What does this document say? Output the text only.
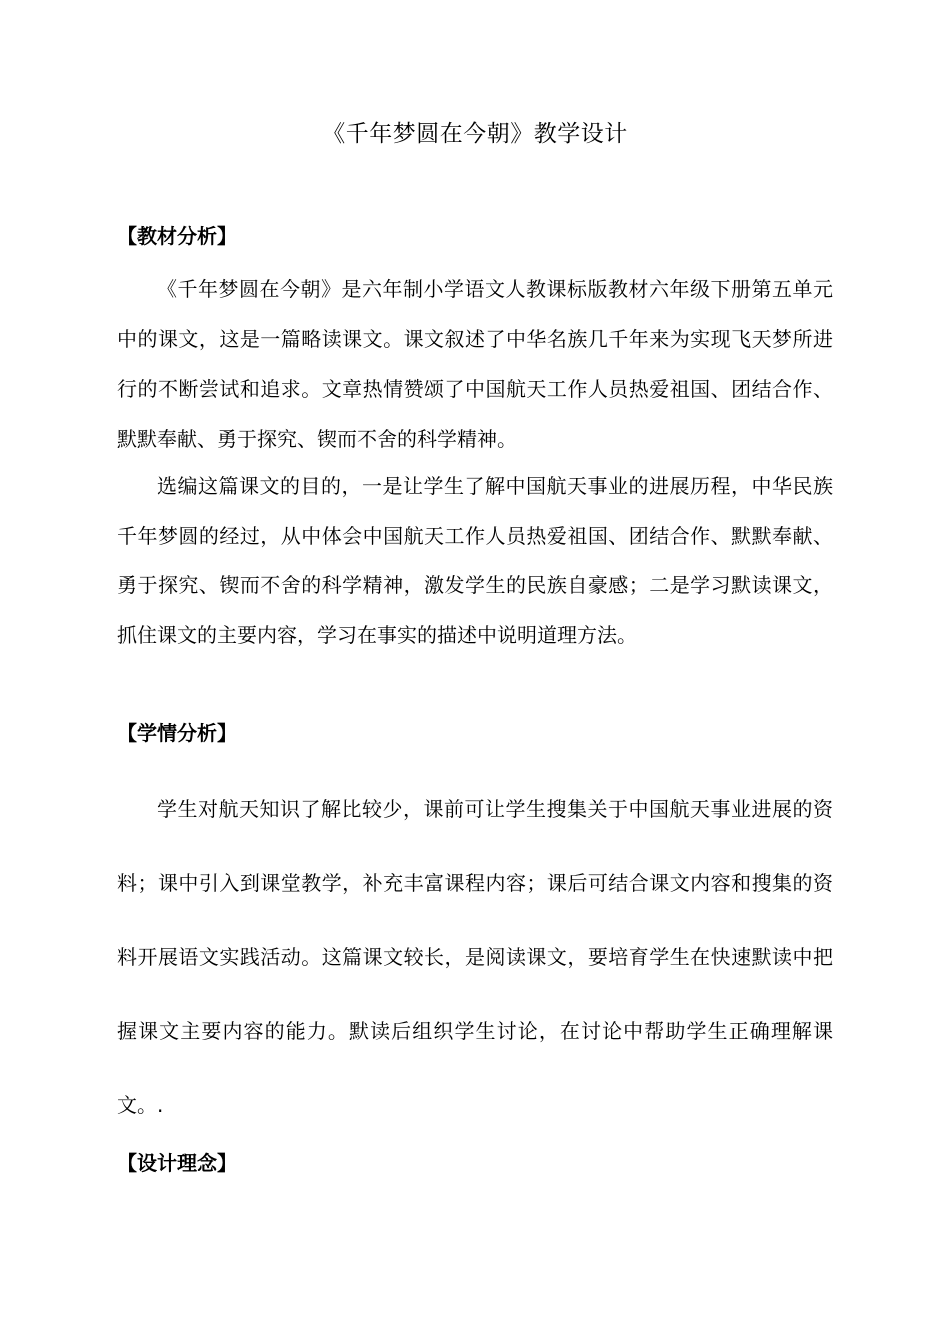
《千年梦圆在今朝》教学设计
【教材分析】

《千年梦圆在今朝》是六年制小学语文人教课标版教材六年级下册第五单元中的课文，这是一篇略读课文。课文叙述了中华名族几千年来为实现飞天梦所进行的不断尝试和追求。文章热情赞颂了中国航天工作人员热爱祖国、团结合作、默默奉献、勇于探究、锲而不舍的科学精神。

选编这篇课文的目的，一是让学生了解中国航天事业的进展历程，中华民族千年梦圆的经过，从中体会中国航天工作人员热爱祖国、团结合作、默默奉献、勇于探究、锲而不舍的科学精神，激发学生的民族自豪感；二是学习默读课文，抓住课文的主要内容，学习在事实的描述中说明道理方法。

【学情分析】

学生对航天知识了解比较少，课前可让学生搜集关于中国航天事业进展的资料；课中引入到课堂教学，补充丰富课程内容；课后可结合课文内容和搜集的资料开展语文实践活动。这篇课文较长，是阅读课文，要培育学生在快速默读中把握课文主要内容的能力。默读后组织学生讨论，在讨论中帮助学生正确理解课文。.

【设计理念】
